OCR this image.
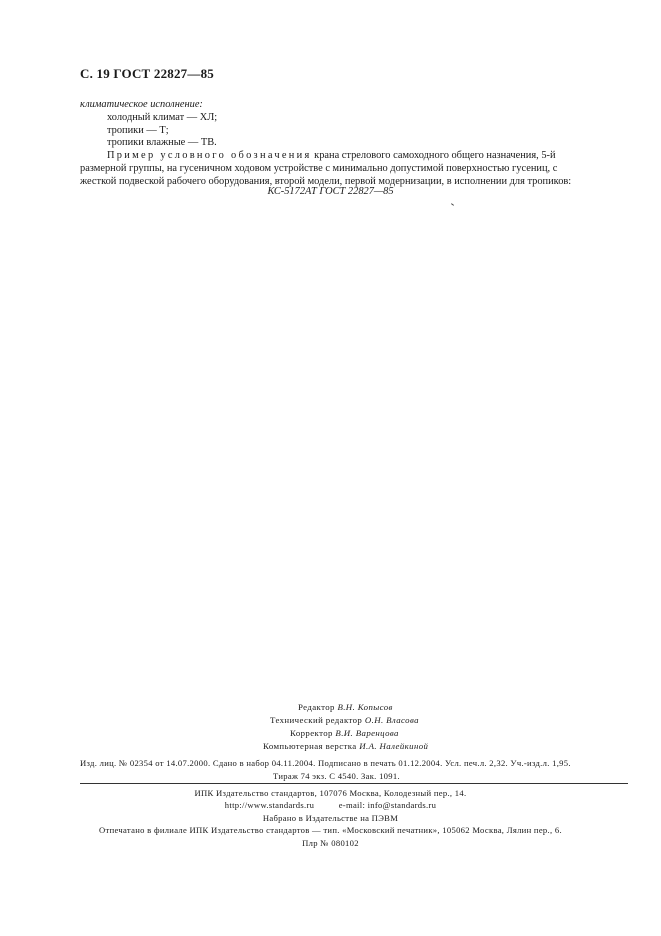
С. 19 ГОСТ 22827—85
климатическое исполнение:
холодный климат — ХЛ;
тропики — Т;
тропики влажные — ТВ.
Пример условного обозначения крана стрелового самоходного общего назначения, 5-й
размерной группы, на гусеничном ходовом устройстве с минимально допустимой поверхностью гусениц, с
жесткой подвеской рабочего оборудования, второй модели, первой модернизации, в исполнении для тропиков:
КС-5172АТ ГОСТ 22827—85
Редактор В.Н. Копысов
Технический редактор О.Н. Власова
Корректор В.И. Варенцова
Компьютерная верстка И.А. Налейкиной
Изд. лиц. № 02354 от 14.07.2000. Сдано в набор 04.11.2004. Подписано в печать 01.12.2004. Усл. печ.л. 2,32. Уч.-изд.л. 1,95.
Тираж 74 экз. С 4540. Зак. 1091.
ИПК Издательство стандартов, 107076 Москва, Колодезный пер., 14.
http://www.standards.ru	e-mail: info@standards.ru
Набрано в Издательстве на ПЭВМ
Отпечатано в филиале ИПК Издательство стандартов — тип. «Московский печатник», 105062 Москва, Лялин пер., 6.
Плр № 080102
